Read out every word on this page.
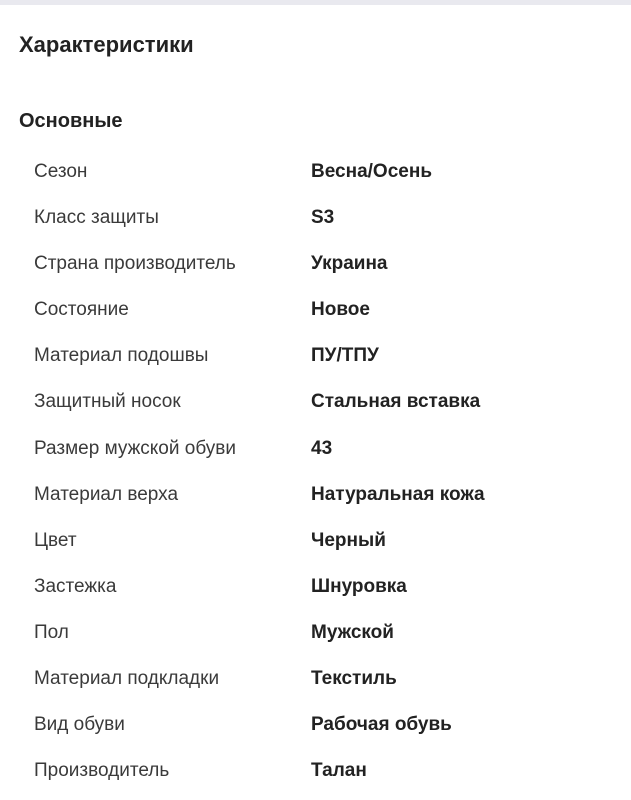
Характеристики
Основные
Сезон	Весна/Осень
Класс защиты	S3
Страна производитель	Украина
Состояние	Новое
Материал подошвы	ПУ/ТПУ
Защитный носок	Стальная вставка
Размер мужской обуви	43
Материал верха	Натуральная кожа
Цвет	Черный
Застежка	Шнуровка
Пол	Мужской
Материал подкладки	Текстиль
Вид обуви	Рабочая обувь
Производитель	Талан
